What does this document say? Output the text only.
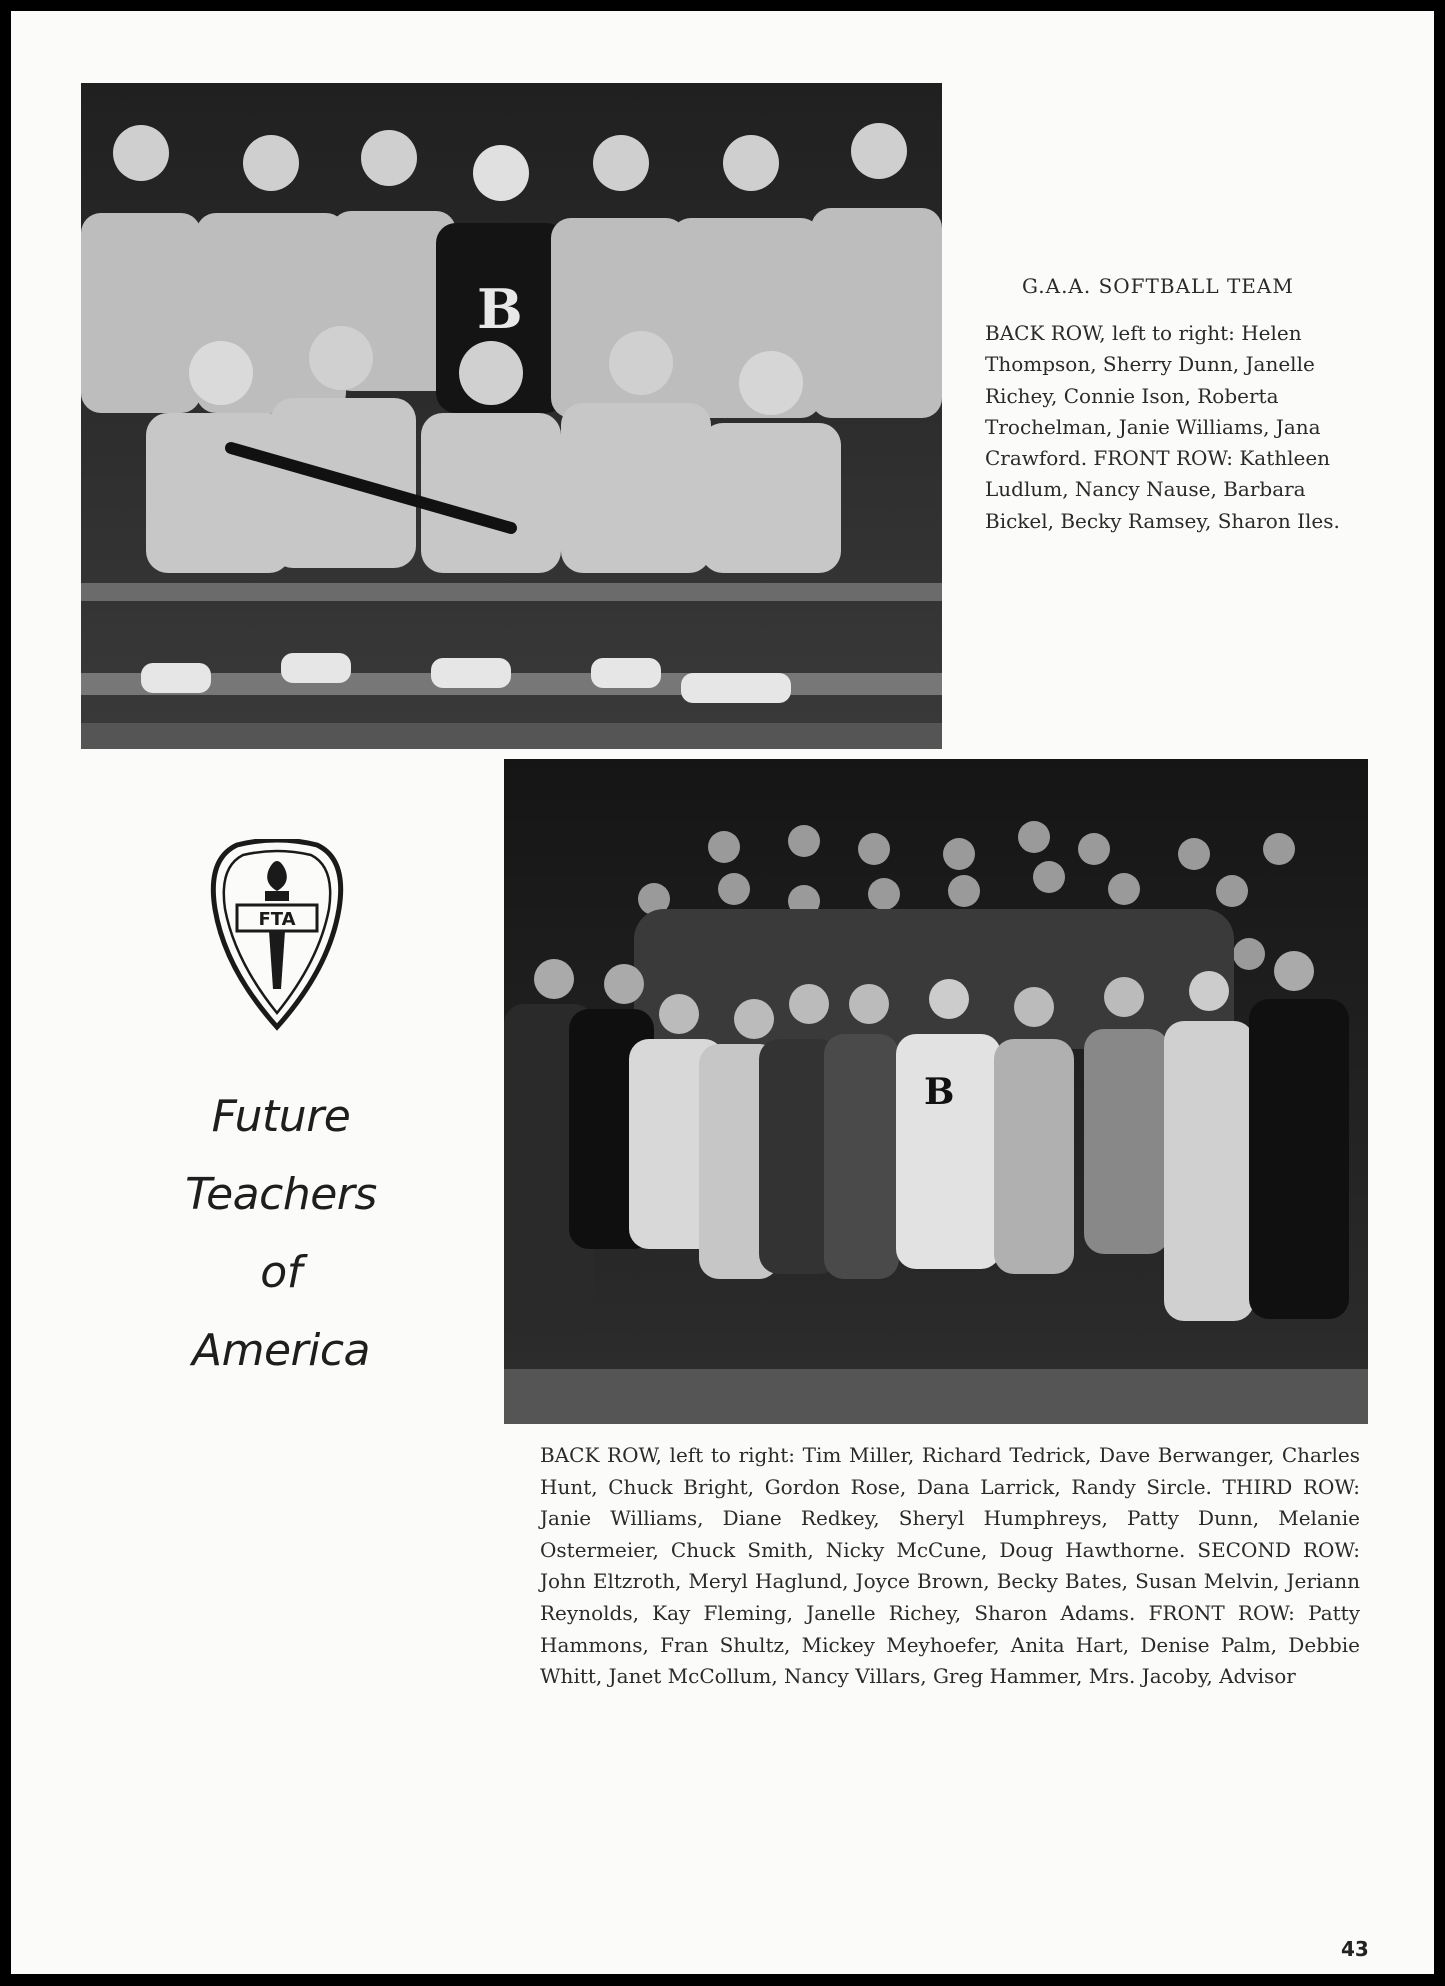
B	G.A.A. SOFTBALL TEAM
BACK ROW, left to right: Helen Thompson, Sherry Dunn, Janelle Richey, Connie Ison, Roberta Trochelman, Janie Williams, Jana Crawford. FRONT ROW: Kathleen Ludlum, Nancy Nause, Barbara Bickel, Becky Ramsey, Sharon Iles.
FTA
Future
Teachers
of
America
B
BACK ROW, left to right: Tim Miller, Richard Tedrick, Dave Berwanger, Charles Hunt, Chuck Bright, Gordon Rose, Dana Larrick, Randy Sircle. THIRD ROW: Janie Williams, Diane Redkey, Sheryl Humphreys, Patty Dunn, Melanie Ostermeier, Chuck Smith, Nicky McCune, Doug Hawthorne. SECOND ROW: John Eltzroth, Meryl Haglund, Joyce Brown, Becky Bates, Susan Melvin, Jeriann Reynolds, Kay Fleming, Janelle Richey, Sharon Adams. FRONT ROW: Patty Hammons, Fran Shultz, Mickey Meyhoefer, Anita Hart, Denise Palm, Debbie Whitt, Janet McCollum, Nancy Villars, Greg Hammer, Mrs. Jacoby, Advisor
43
